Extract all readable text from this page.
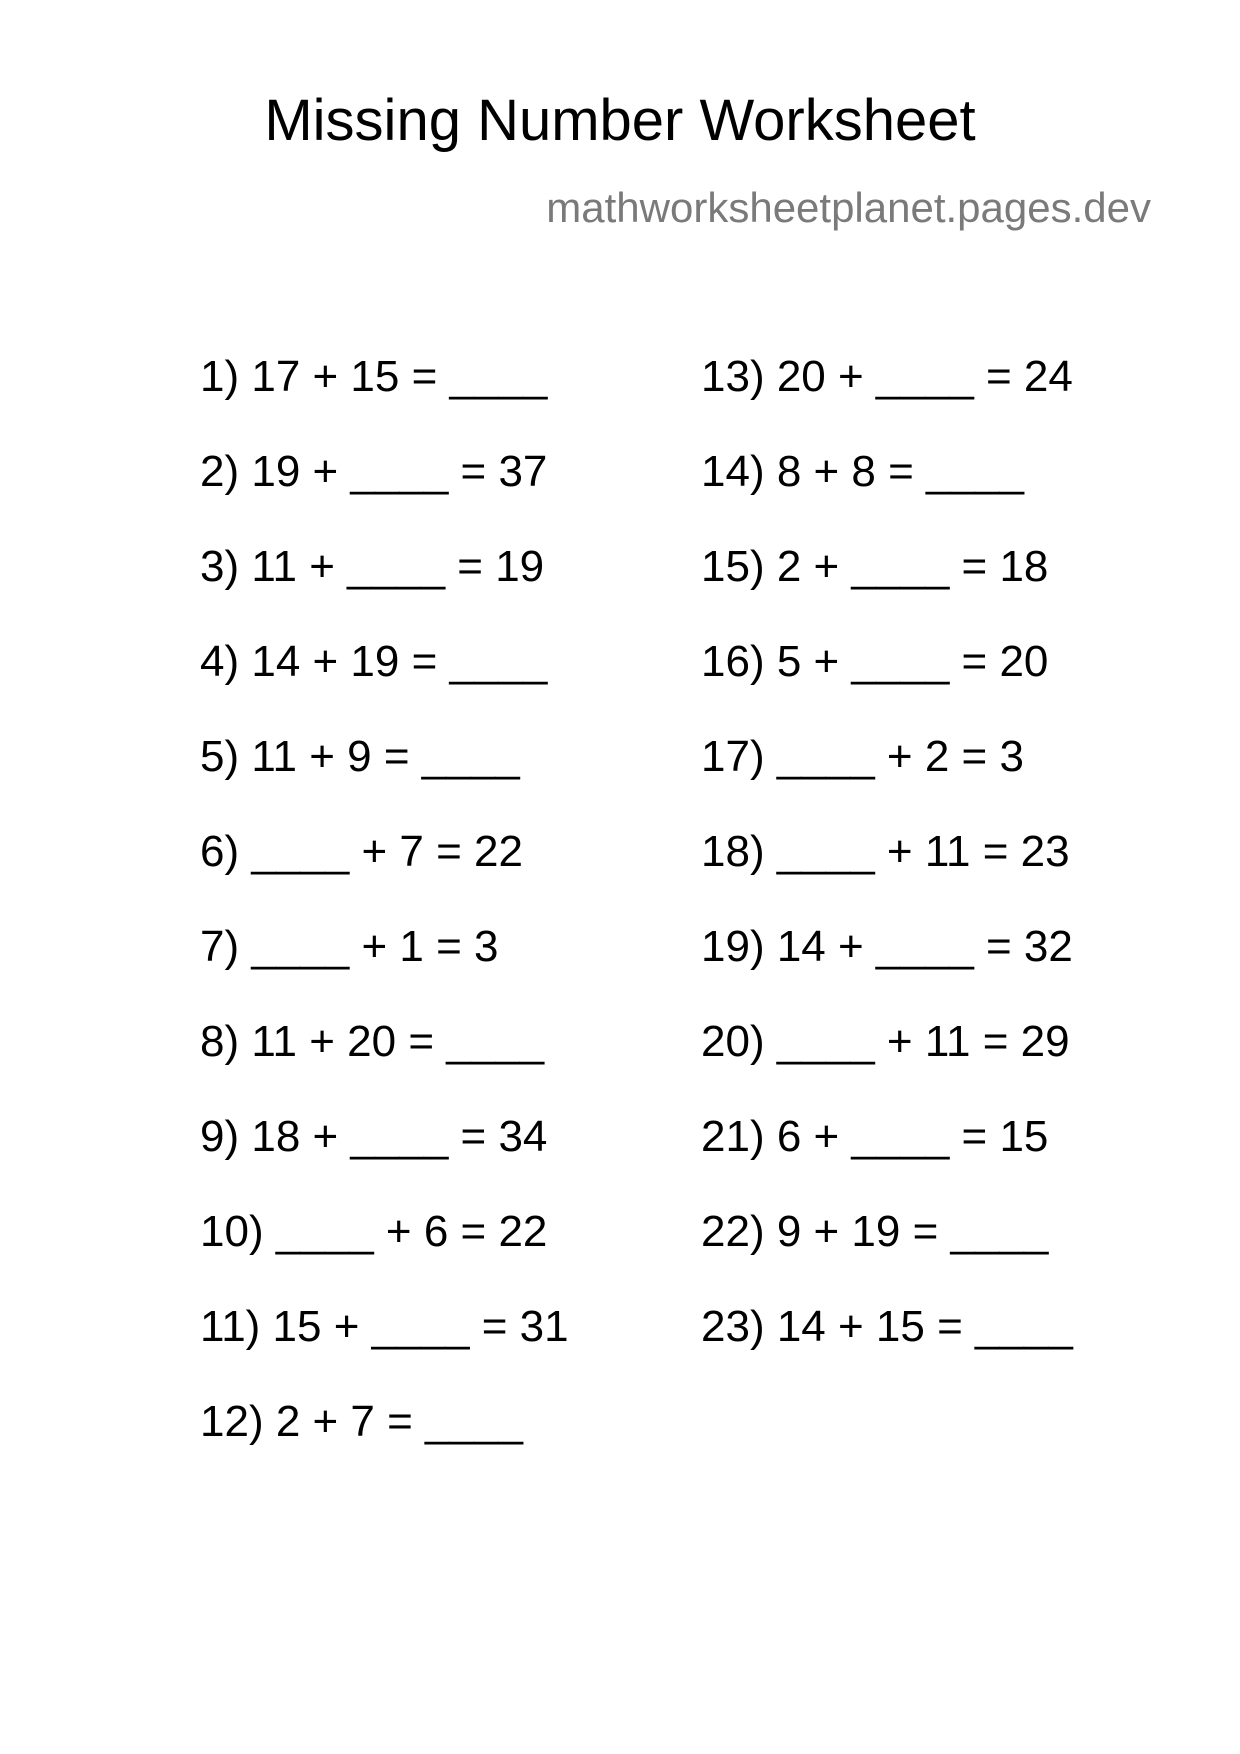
Missing Number Worksheet
mathworksheetplanet.pages.dev
1) 17 + 15 = ____
2) 19 + ____ = 37
3) 11 + ____ = 19
4) 14 + 19 = ____
5) 11 + 9 = ____
6) ____ + 7 = 22
7) ____ + 1 = 3
8) 11 + 20 = ____
9) 18 + ____ = 34
10) ____ + 6 = 22
11) 15 + ____ = 31
12) 2 + 7 = ____
13) 20 + ____ = 24
14) 8 + 8 = ____
15) 2 + ____ = 18
16) 5 + ____ = 20
17) ____ + 2 = 3
18) ____ + 11 = 23
19) 14 + ____ = 32
20) ____ + 11 = 29
21) 6 + ____ = 15
22) 9 + 19 = ____
23) 14 + 15 = ____
